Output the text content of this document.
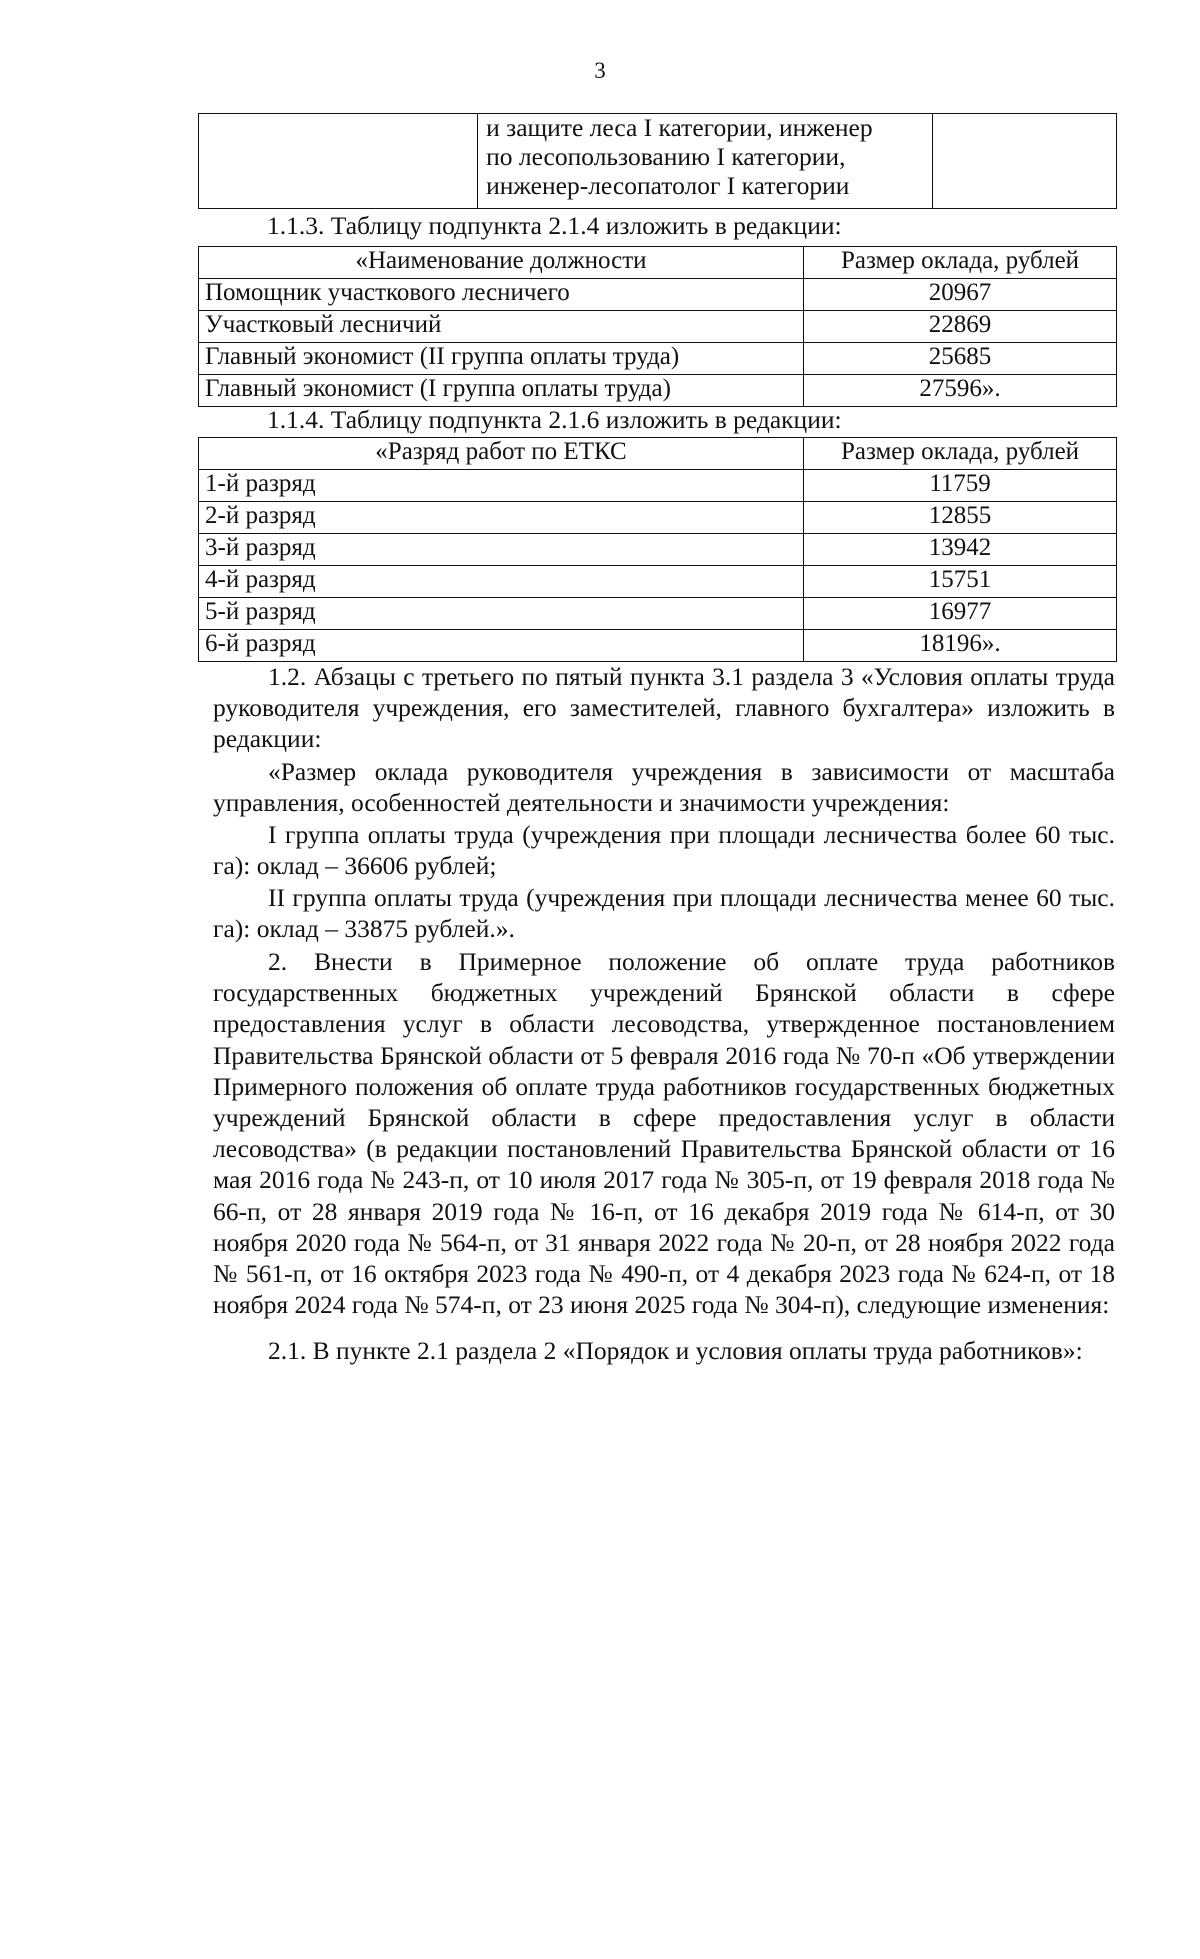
3

и защите леса I категории, инженер
по лесопользованию I категории,
инженер-лесопатолог I категории

1.1.3. Таблицу подпункта 2.1.4 изложить в редакции:
«Наименование должности	Размер оклада, рублей
Помощник участкового лесничего	20967
Участковый лесничий	22869
Главный экономист (II группа оплаты труда)	25685
Главный экономист (I группа оплаты труда)	27596».
1.1.4. Таблицу подпункта 2.1.6 изложить в редакции:
«Разряд работ по ЕТКС	Размер оклада, рублей
1-й разряд	11759
2-й разряд	12855
3-й разряд	13942
4-й разряд	15751
5-й разряд	16977
6-й разряд	18196».
1.2. Абзацы с третьего по пятый пункта 3.1 раздела 3 «Условия оплаты труда руководителя учреждения, его заместителей, главного бухгалтера» изложить в редакции:
«Размер оклада руководителя учреждения в зависимости от масштаба управления, особенностей деятельности и значимости учреждения:
I группа оплаты труда (учреждения при площади лесничества более 60 тыс. га): оклад – 36606 рублей;
II группа оплаты труда (учреждения при площади лесничества менее 60 тыс. га): оклад – 33875 рублей.».
2. Внести в Примерное положение об оплате труда работников государственных бюджетных учреждений Брянской области в сфере предоставления услуг в области лесоводства, утвержденное постановлением Правительства Брянской области от 5 февраля 2016 года № 70-п «Об утверждении Примерного положения об оплате труда работников государственных бюджетных учреждений Брянской области в сфере предоставления услуг в области лесоводства» (в редакции постановлений Правительства Брянской области от 16 мая 2016 года № 243-п, от 10 июля 2017 года № 305-п, от 19 февраля 2018 года № 66-п, от 28 января 2019 года № 16-п, от 16 декабря 2019 года № 614-п, от 30 ноября 2020 года № 564-п, от 31 января 2022 года № 20-п, от 28 ноября 2022 года № 561-п, от 16 октября 2023 года № 490-п, от 4 декабря 2023 года № 624-п, от 18 ноября 2024 года № 574-п, от 23 июня 2025 года № 304-п), следующие изменения:
2.1. В пункте 2.1 раздела 2 «Порядок и условия оплаты труда работников»:
